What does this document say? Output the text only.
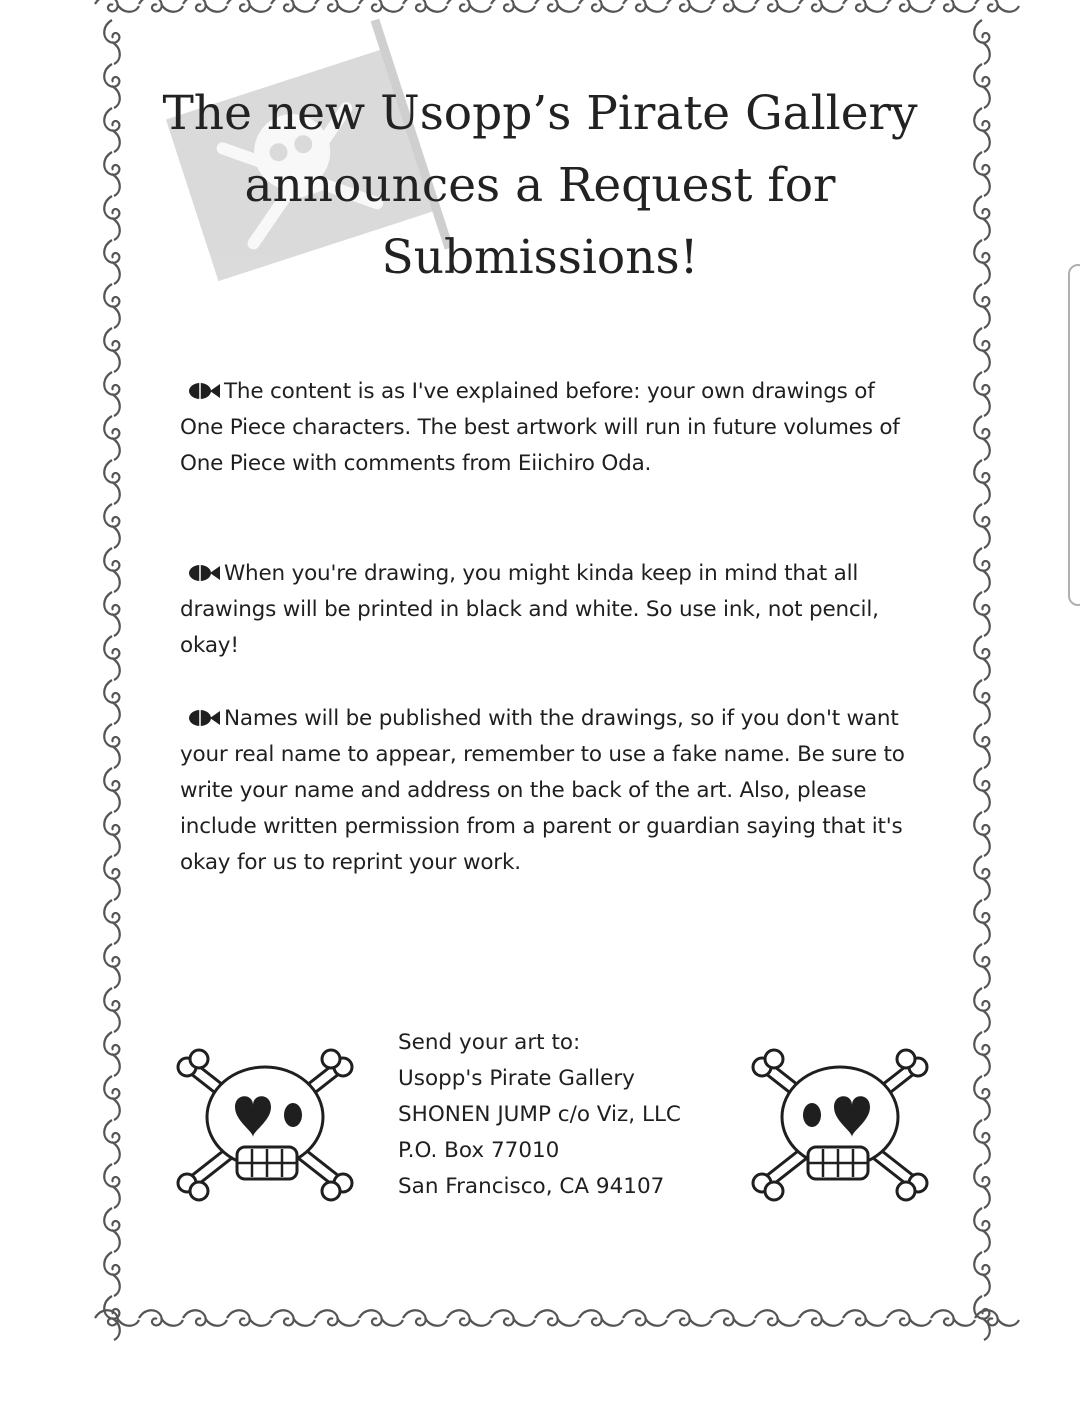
The new Usopp’s Pirate Gallery
announces a Request for
Submissions!
The content is as I've explained before: your own drawings of One Piece characters. The best artwork will run in future volumes of One Piece with comments from Eiichiro Oda.
When you're drawing, you might kinda keep in mind that all drawings will be printed in black and white. So use ink, not pencil, okay!
Names will be published with the drawings, so if you don't want your real name to appear, remember to use a fake name. Be sure to write your name and address on the back of the art. Also, please include written permission from a parent or guardian saying that it's okay for us to reprint your work.
Send your art to:
Usopp's Pirate Gallery
SHONEN JUMP c/o Viz, LLC
P.O. Box 77010
San Francisco, CA 94107
